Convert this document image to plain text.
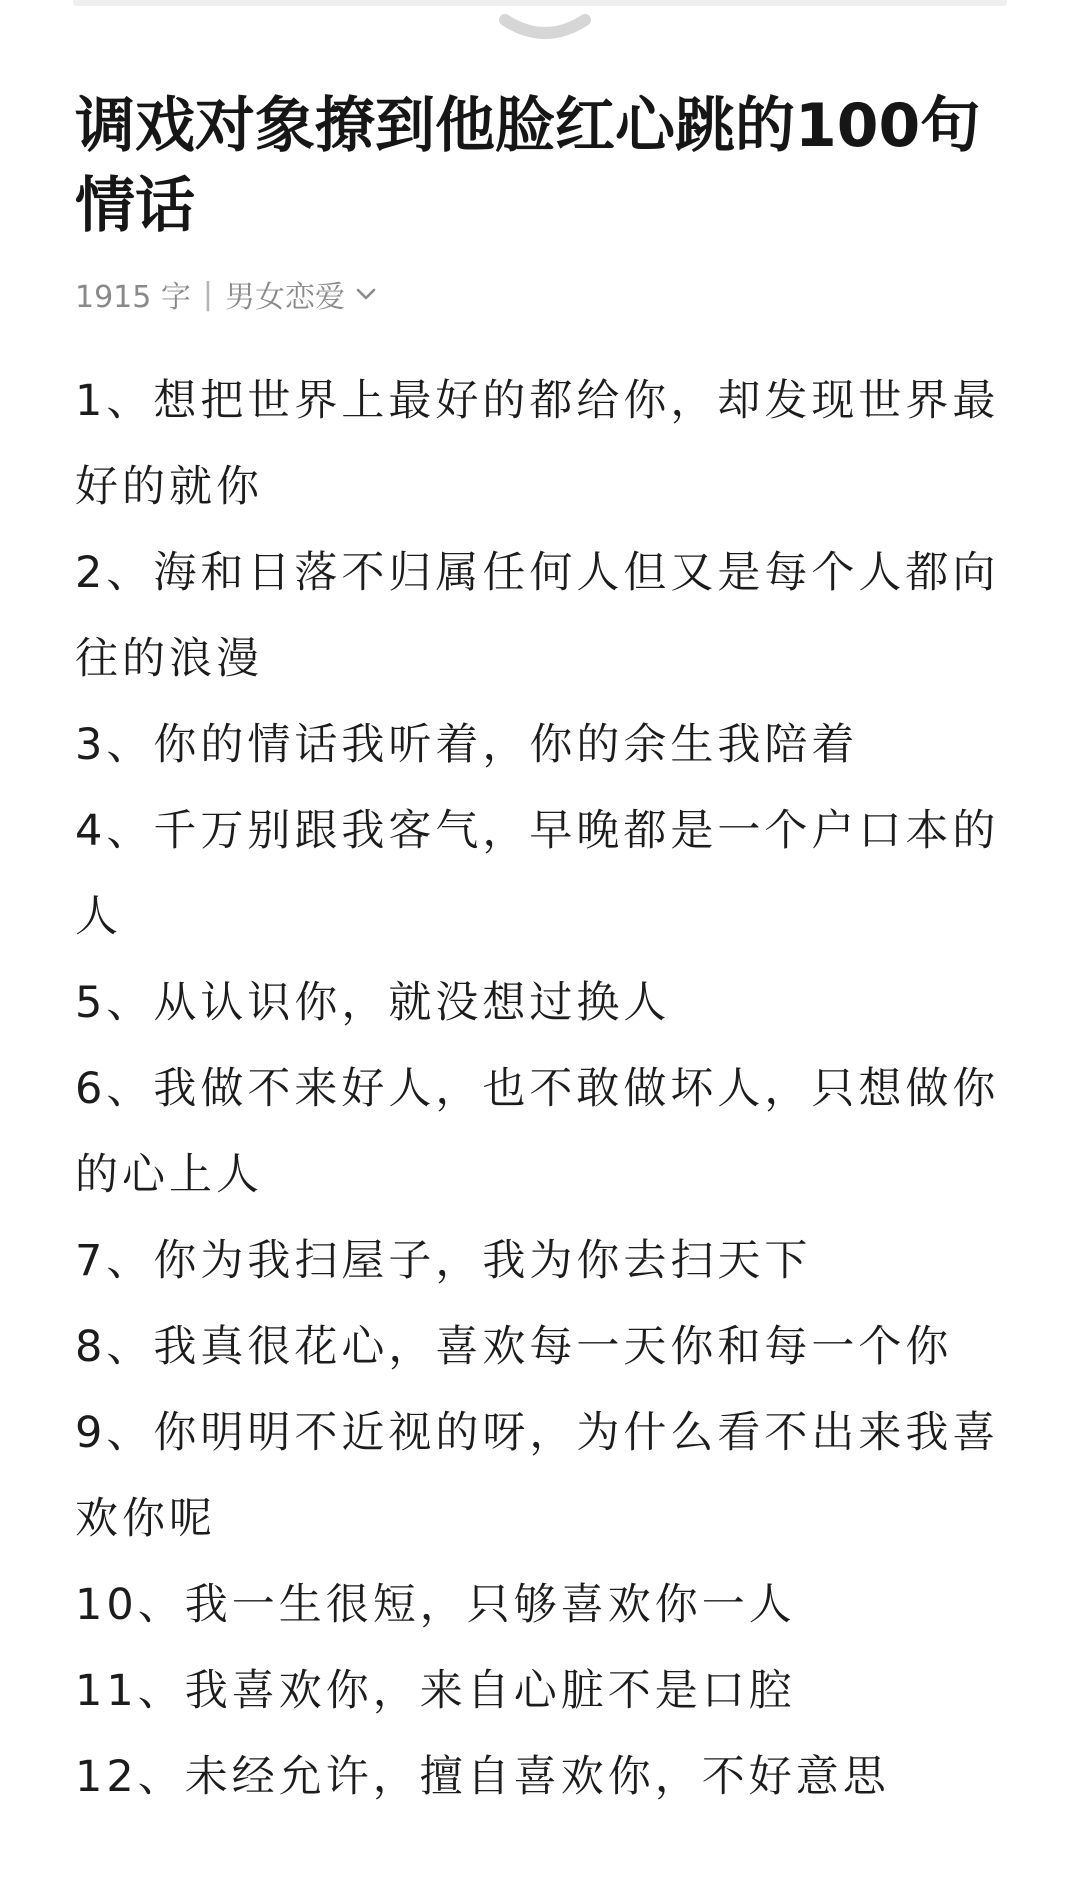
调戏对象撩到他脸红心跳的100句情话
1915 字 | 男女恋爱
1、想把世界上最好的都给你，却发现世界最好的就你
2、海和日落不归属任何人但又是每个人都向往的浪漫
3、你的情话我听着，你的余生我陪着
4、千万别跟我客气，早晚都是一个户口本的人
5、从认识你，就没想过换人
6、我做不来好人，也不敢做坏人，只想做你的心上人
7、你为我扫屋子，我为你去扫天下
8、我真很花心，喜欢每一天你和每一个你
9、你明明不近视的呀，为什么看不出来我喜欢你呢
10、我一生很短，只够喜欢你一人
11、我喜欢你，来自心脏不是口腔
12、未经允许，擅自喜欢你，不好意思
